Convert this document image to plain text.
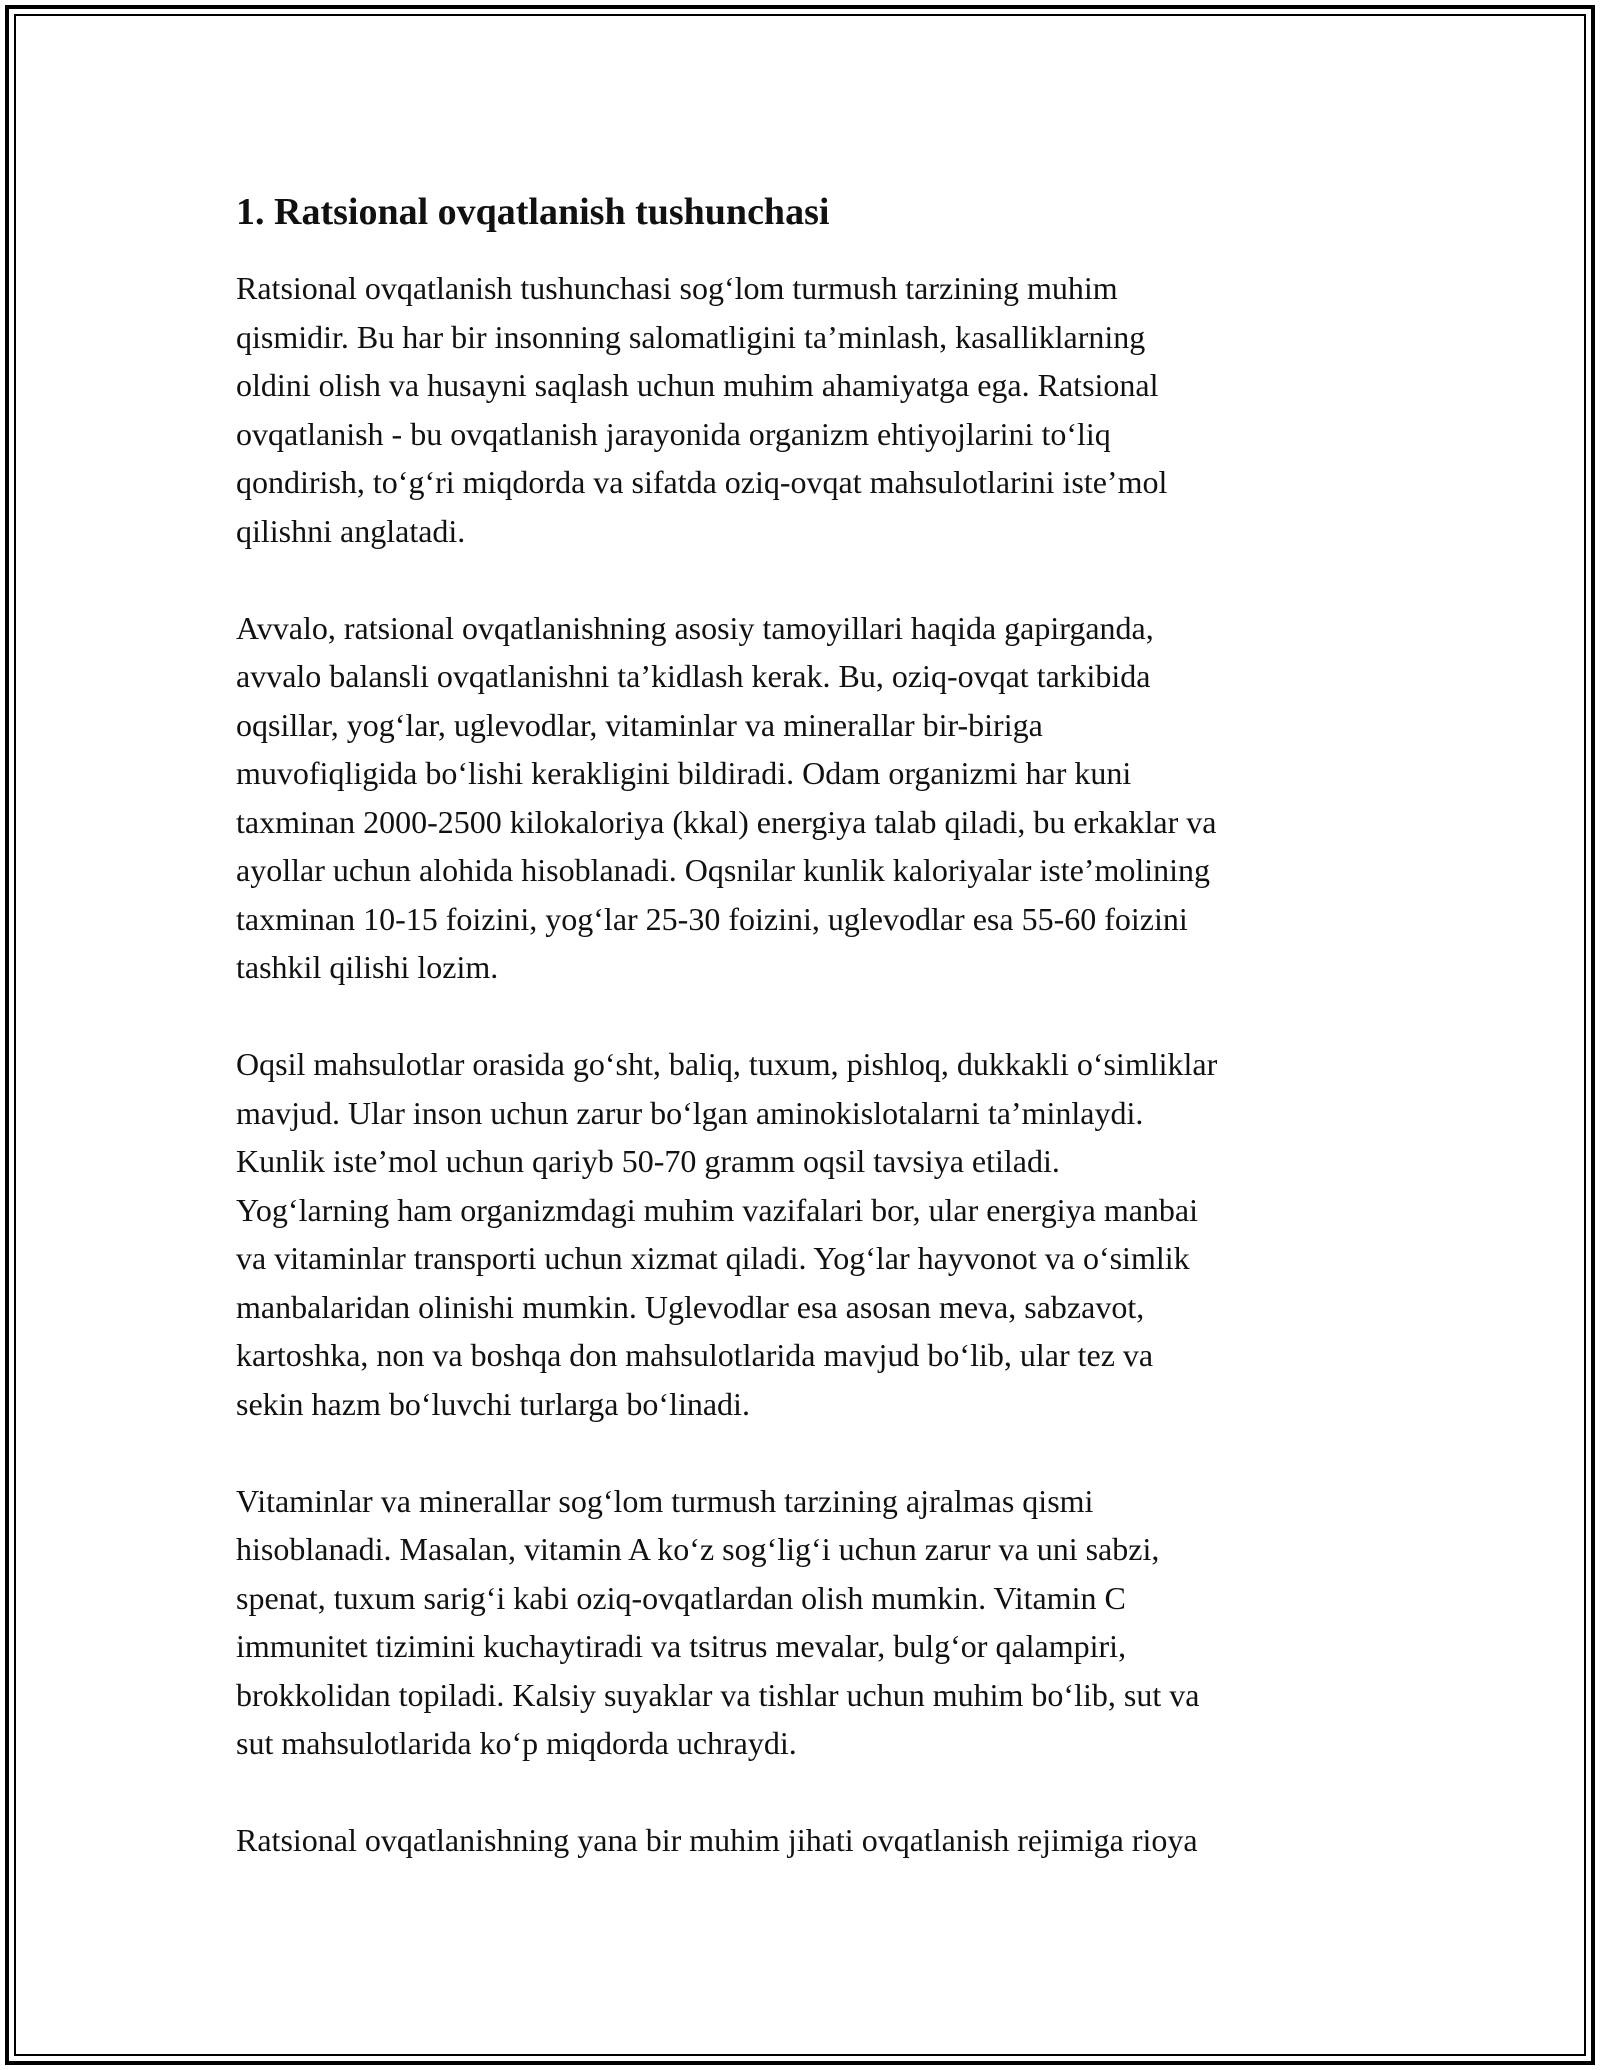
1. Ratsional ovqatlanish tushunchasi

Ratsional ovqatlanish tushunchasi sogʻlom turmush tarzining muhim
qismidir. Bu har bir insonning salomatligini taʼminlash, kasalliklarning
oldini olish va husayni saqlash uchun muhim ahamiyatga ega. Ratsional
ovqatlanish - bu ovqatlanish jarayonida organizm ehtiyojlarini toʻliq
qondirish, toʻgʻri miqdorda va sifatda oziq-ovqat mahsulotlarini isteʼmol
qilishni anglatadi.

Avvalo, ratsional ovqatlanishning asosiy tamoyillari haqida gapirganda,
avvalo balansli ovqatlanishni taʼkidlash kerak. Bu, oziq-ovqat tarkibida
oqsillar, yogʻlar, uglevodlar, vitaminlar va minerallar bir-biriga
muvofiqligida boʻlishi kerakligini bildiradi. Odam organizmi har kuni
taxminan 2000-2500 kilokaloriya (kkal) energiya talab qiladi, bu erkaklar va
ayollar uchun alohida hisoblanadi. Oqsnilar kunlik kaloriyalar isteʼmolining
taxminan 10-15 foizini, yogʻlar 25-30 foizini, uglevodlar esa 55-60 foizini
tashkil qilishi lozim.

Oqsil mahsulotlar orasida goʻsht, baliq, tuxum, pishloq, dukkakli oʻsimliklar
mavjud. Ular inson uchun zarur boʻlgan aminokislotalarni taʼminlaydi.
Kunlik isteʼmol uchun qariyb 50-70 gramm oqsil tavsiya etiladi.

Yogʻlarning ham organizmdagi muhim vazifalari bor, ular energiya manbai
va vitaminlar transporti uchun xizmat qiladi. Yogʻlar hayvonot va oʻsimlik
manbalaridan olinishi mumkin. Uglevodlar esa asosan meva, sabzavot,
kartoshka, non va boshqa don mahsulotlarida mavjud boʻlib, ular tez va
sekin hazm boʻluvchi turlarga boʻlinadi.

Vitaminlar va minerallar sogʻlom turmush tarzining ajralmas qismi
hisoblanadi. Masalan, vitamin A koʻz sogʻligʻi uchun zarur va uni sabzi,
spenat, tuxum sarigʻi kabi oziq-ovqatlardan olish mumkin. Vitamin C
immunitet tizimini kuchaytiradi va tsitrus mevalar, bulgʻor qalampiri,
brokkolidan topiladi. Kalsiy suyaklar va tishlar uchun muhim boʻlib, sut va
sut mahsulotlarida koʻp miqdorda uchraydi.

Ratsional ovqatlanishning yana bir muhim jihati ovqatlanish rejimiga rioya
